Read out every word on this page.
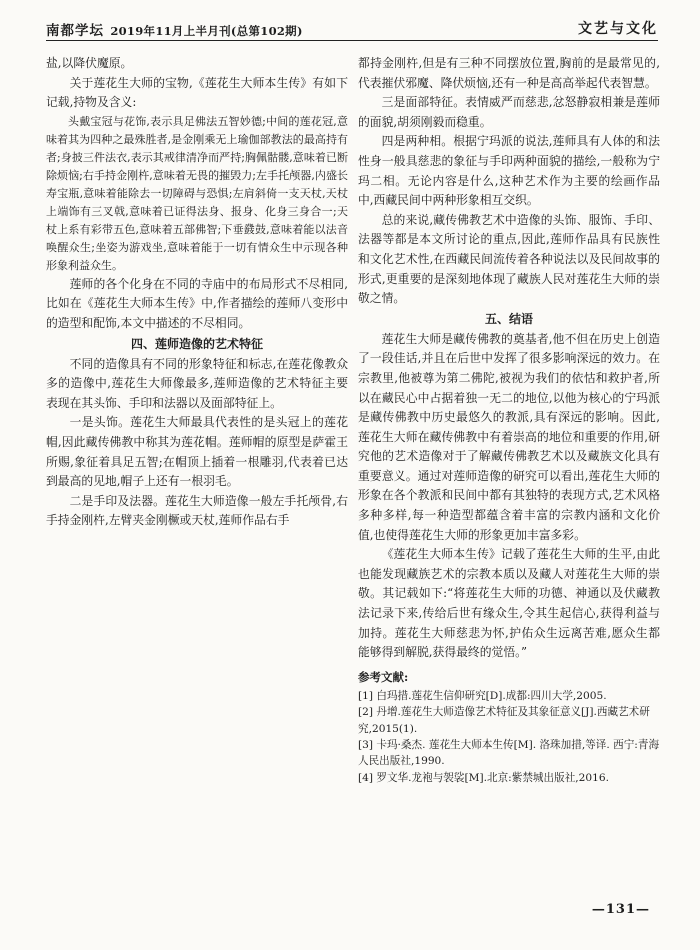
南都学坛 2019年11月上半月刊(总第102期)	文艺与文化

盐,以降伏魔原。

关于莲花生大师的宝物,《莲花生大师本生传》有如下记载,持物及含义:

头戴宝冠与花饰,表示具足佛法五智妙德;中间的莲花冠,意味着其为四种之最殊胜者,是金刚乘无上瑜伽部教法的最高持有者;身披三件法衣,表示其戒律清净而严持;胸佩骷髅,意味着已断除烦恼;右手持金刚杵,意味着无畏的摧毁力;左手托颅器,内盛长寿宝瓶,意味着能除去一切障碍与恐惧;左肩斜倚一支天杖,天杖上端饰有三叉戟,意味着已证得法身、报身、化身三身合一;天杖上系有彩带五色,意味着五部佛智;下垂鼗鼓,意味着能以法音唤醒众生;坐姿为游戏坐,意味着能于一切有情众生中示现各种形象利益众生。

莲师的各个化身在不同的寺庙中的布局形式不尽相同,比如在《莲花生大师本生传》中,作者描绘的莲师八变形中的造型和配饰,本文中描述的不尽相同。

四、莲师造像的艺术特征

不同的造像具有不同的形象特征和标志,在莲花像教众多的造像中,莲花生大师像最多,莲师造像的艺术特征主要表现在其头饰、手印和法器以及面部特征上。

一是头饰。莲花生大师最具代表性的是头冠上的莲花帽,因此藏传佛教中称其为莲花帽。莲师帽的原型是萨霍王所赐,象征着具足五智;在帽顶上插着一根雕羽,代表着已达到最高的见地,帽子上还有一根羽毛。

二是手印及法器。莲花生大师造像一般左手托颅骨,右手持金刚杵,左臂夹金刚橛或天杖,莲师作品右手

都持金刚杵,但是有三种不同摆放位置,胸前的是最常见的,代表摧伏邪魔、降伏烦恼,还有一种是高高举起代表智慧。

三是面部特征。表情威严而慈悲,忿怒静寂相兼是莲师的面貌,胡须刚毅而稳重。

四是两种相。根据宁玛派的说法,莲师具有人体的和法性身一般具慈悲的象征与手印两种面貌的描绘,一般称为宁玛二相。无论内容是什么,这种艺术作为主要的绘画作品中,西藏民间中两种形象相互交织。

总的来说,藏传佛教艺术中造像的头饰、服饰、手印、法器等都是本文所讨论的重点,因此,莲师作品具有民族性和文化艺术性,在西藏民间流传着各种说法以及民间故事的形式,更重要的是深刻地体现了藏族人民对莲花生大师的崇敬之情。

五、结语

莲花生大师是藏传佛教的奠基者,他不但在历史上创造了一段佳话,并且在后世中发挥了很多影响深远的效力。在宗教里,他被尊为第二佛陀,被视为我们的依怙和救护者,所以在藏民心中占据着独一无二的地位,以他为核心的宁玛派是藏传佛教中历史最悠久的教派,具有深远的影响。因此,莲花生大师在藏传佛教中有着崇高的地位和重要的作用,研究他的艺术造像对于了解藏传佛教艺术以及藏族文化具有重要意义。通过对莲师造像的研究可以看出,莲花生大师的形象在各个教派和民间中都有其独特的表现方式,艺术风格多种多样,每一种造型都蕴含着丰富的宗教内涵和文化价值,也使得莲花生大师的形象更加丰富多彩。

《莲花生大师本生传》记载了莲花生大师的生平,由此也能发现藏族艺术的宗教本质以及藏人对莲花生大师的崇敬。其记载如下:“将莲花生大师的功德、神通以及伏藏教法记录下来,传给后世有缘众生,令其生起信心,获得利益与加持。莲花生大师慈悲为怀,护佑众生远离苦难,愿众生都能够得到解脱,获得最终的觉悟。”

参考文献:
[1] 白玛措.莲花生信仰研究[D].成都:四川大学,2005.
[2] 丹增.莲花生大师造像艺术特征及其象征意义[J].西藏艺术研究,2015(1).
[3] 卡玛·桑杰. 莲花生大师本生传[M]. 洛珠加措,等译. 西宁:青海人民出版社,1990.
[4] 罗文华.龙袍与袈裟[M].北京:紫禁城出版社,2016.
—131—
